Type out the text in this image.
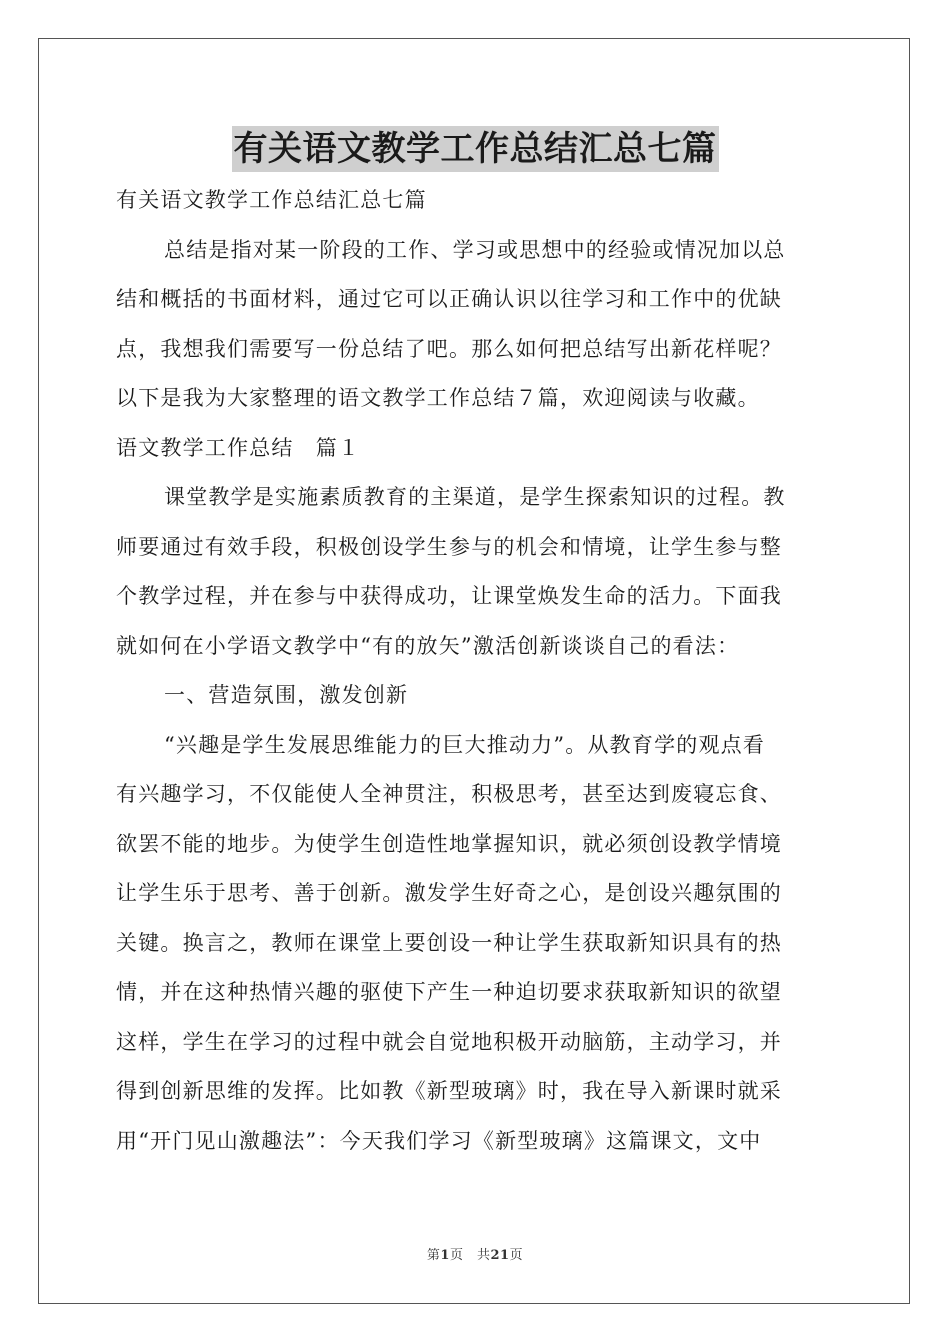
有关语文教学工作总结汇总七篇
有关语文教学工作总结汇总七篇
总结是指对某一阶段的工作、学习或思想中的经验或情况加以总
结和概括的书面材料，通过它可以正确认识以往学习和工作中的优缺
点，我想我们需要写一份总结了吧。那么如何把总结写出新花样呢？
以下是我为大家整理的语文教学工作总结７篇，欢迎阅读与收藏。
语文教学工作总结　篇１
课堂教学是实施素质教育的主渠道，是学生探索知识的过程。教
师要通过有效手段，积极创设学生参与的机会和情境，让学生参与整
个教学过程，并在参与中获得成功，让课堂焕发生命的活力。下面我
就如何在小学语文教学中“有的放矢”激活创新谈谈自己的看法：
一、营造氛围，激发创新
“兴趣是学生发展思维能力的巨大推动力”。从教育学的观点看
有兴趣学习，不仅能使人全神贯注，积极思考，甚至达到废寝忘食、
欲罢不能的地步。为使学生创造性地掌握知识，就必须创设教学情境
让学生乐于思考、善于创新。激发学生好奇之心，是创设兴趣氛围的
关键。换言之，教师在课堂上要创设一种让学生获取新知识具有的热
情，并在这种热情兴趣的驱使下产生一种迫切要求获取新知识的欲望
这样，学生在学习的过程中就会自觉地积极开动脑筋，主动学习，并
得到创新思维的发挥。比如教《新型玻璃》时，我在导入新课时就采
用“开门见山激趣法”：今天我们学习《新型玻璃》这篇课文，文中
第1页　共21页
